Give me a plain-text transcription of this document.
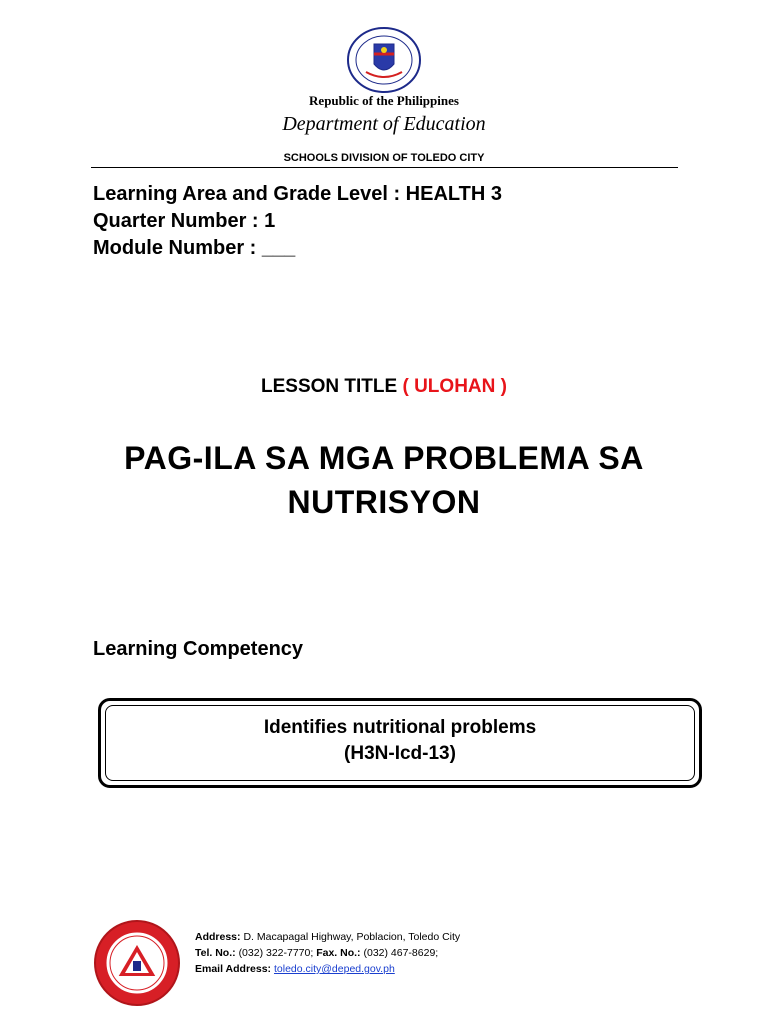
Republic of the Philippines
Department of Education
SCHOOLS DIVISION OF TOLEDO CITY
Learning Area and Grade Level : HEALTH 3
Quarter Number : 1
Module Number : ___
LESSON TITLE ( ULOHAN )
PAG-ILA SA MGA PROBLEMA SA
NUTRISYON
Learning Competency
Identifies nutritional problems
(H3N-Icd-13)
Address: D. Macapagal Highway, Poblacion, Toledo City
Tel. No.: (032) 322-7770; Fax. No.: (032) 467-8629;
Email Address: toledo.city@deped.gov.ph
